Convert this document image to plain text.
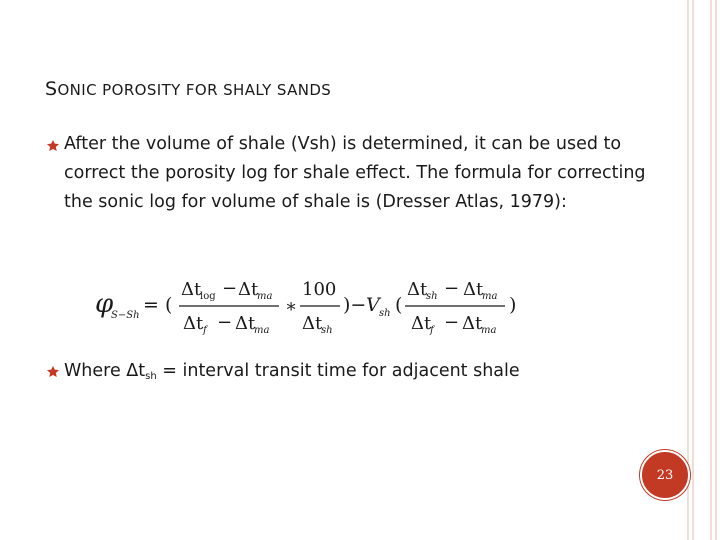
SONIC POROSITY FOR SHALY SANDS
After the volume of shale (Vsh) is determined, it can be used to correct the porosity log for shale effect. The formula for correcting the sonic log for volume of shale is (Dresser Atlas, 1979):
φ
S−Sh = (
Δt
log − Δt
ma
Δt f − Δt
ma
∗
100
Δt
sh
)− V sh (
Δt
sh − Δt
ma
Δt
f − Δt
ma
)
Where $\Delta t_{sh}$ = interval transit time for adjacent shale
23
